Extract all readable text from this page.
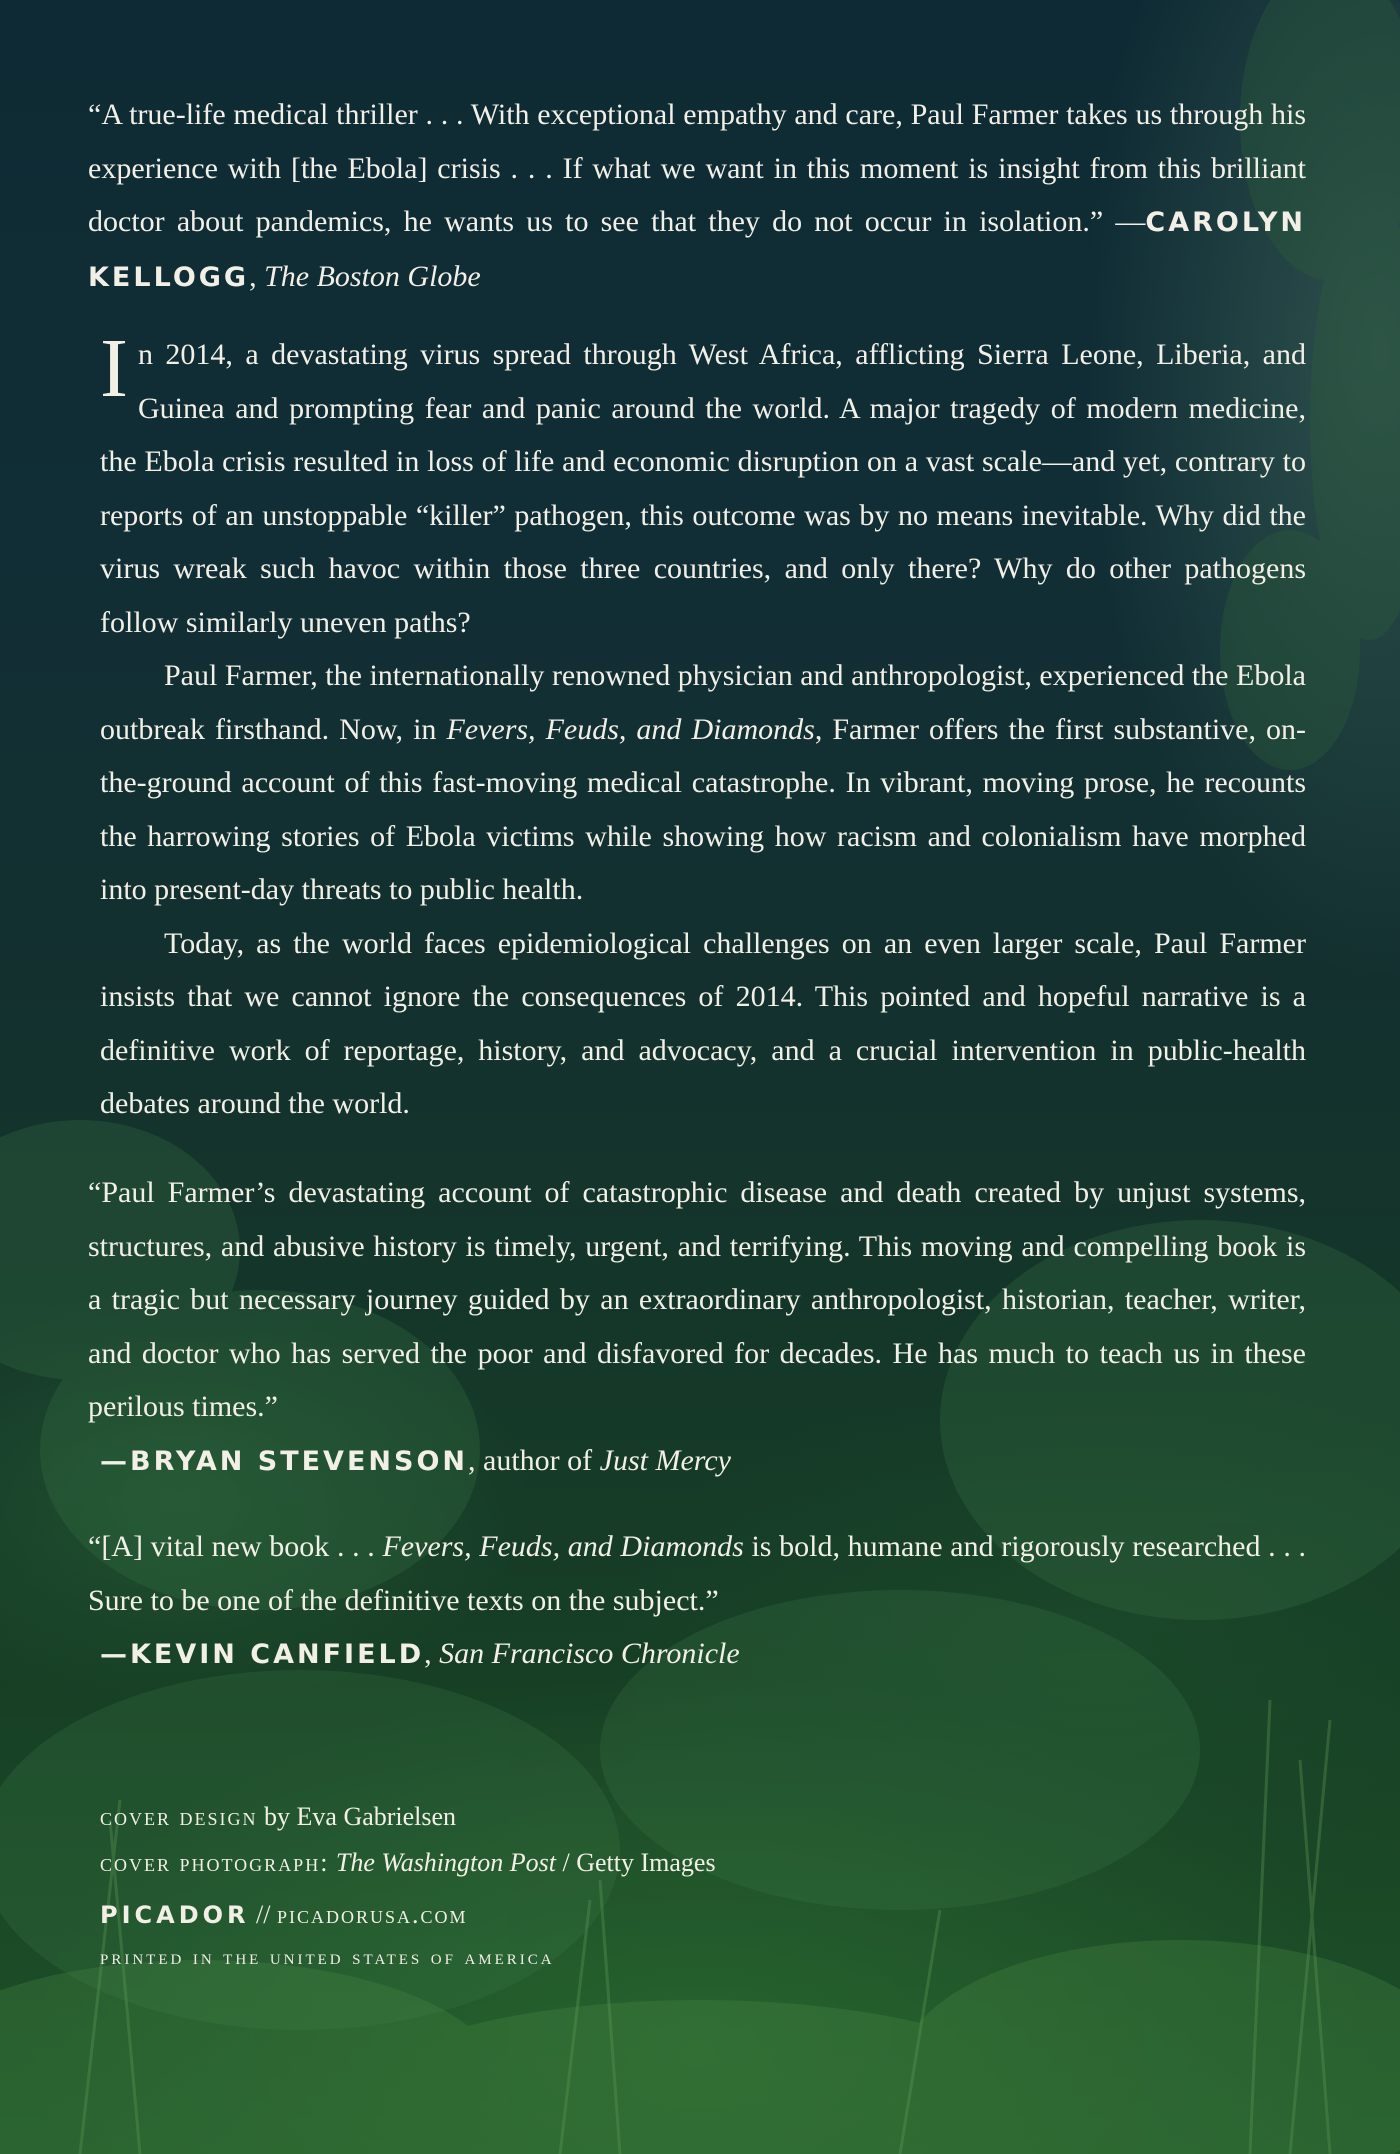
“A true-life medical thriller . . . With exceptional empathy and care, Paul Farmer takes us through his experience with [the Ebola] crisis . . . If what we want in this moment is insight from this brilliant doctor about pandemics, he wants us to see that they do not occur in isolation.” —CAROLYN KELLOGG, The Boston Globe

In 2014, a devastating virus spread through West Africa, afflicting Sierra Leone, Liberia, and Guinea and prompting fear and panic around the world. A major tragedy of modern medicine, the Ebola crisis resulted in loss of life and economic disruption on a vast scale—and yet, contrary to reports of an unstoppable “killer” pathogen, this outcome was by no means inevitable. Why did the virus wreak such havoc within those three countries, and only there? Why do other pathogens follow similarly uneven paths?

Paul Farmer, the internationally renowned physician and anthropologist, experienced the Ebola outbreak firsthand. Now, in Fevers, Feuds, and Diamonds, Farmer offers the first substantive, on-the-ground account of this fast-moving medical catastrophe. In vibrant, moving prose, he recounts the harrowing stories of Ebola victims while showing how racism and colonialism have morphed into present-day threats to public health.

Today, as the world faces epidemiological challenges on an even larger scale, Paul Farmer insists that we cannot ignore the consequences of 2014. This pointed and hopeful narrative is a definitive work of reportage, history, and advocacy, and a crucial intervention in public-health debates around the world.

“Paul Farmer’s devastating account of catastrophic disease and death created by unjust systems, structures, and abusive history is timely, urgent, and terrifying. This moving and compelling book is a tragic but necessary journey guided by an extraordinary anthropologist, historian, teacher, writer, and doctor who has served the poor and disfavored for decades. He has much to teach us in these perilous times.”
—BRYAN STEVENSON, author of Just Mercy
“[A] vital new book . . . Fevers, Feuds, and Diamonds is bold, humane and rigorously researched . . . Sure to be one of the definitive texts on the subject.”
—KEVIN CANFIELD, San Francisco Chronicle
cover design by Eva Gabrielsen
cover photograph: The Washington Post / Getty Images
PICADOR // picadorusa.com
printed in the united states of america
